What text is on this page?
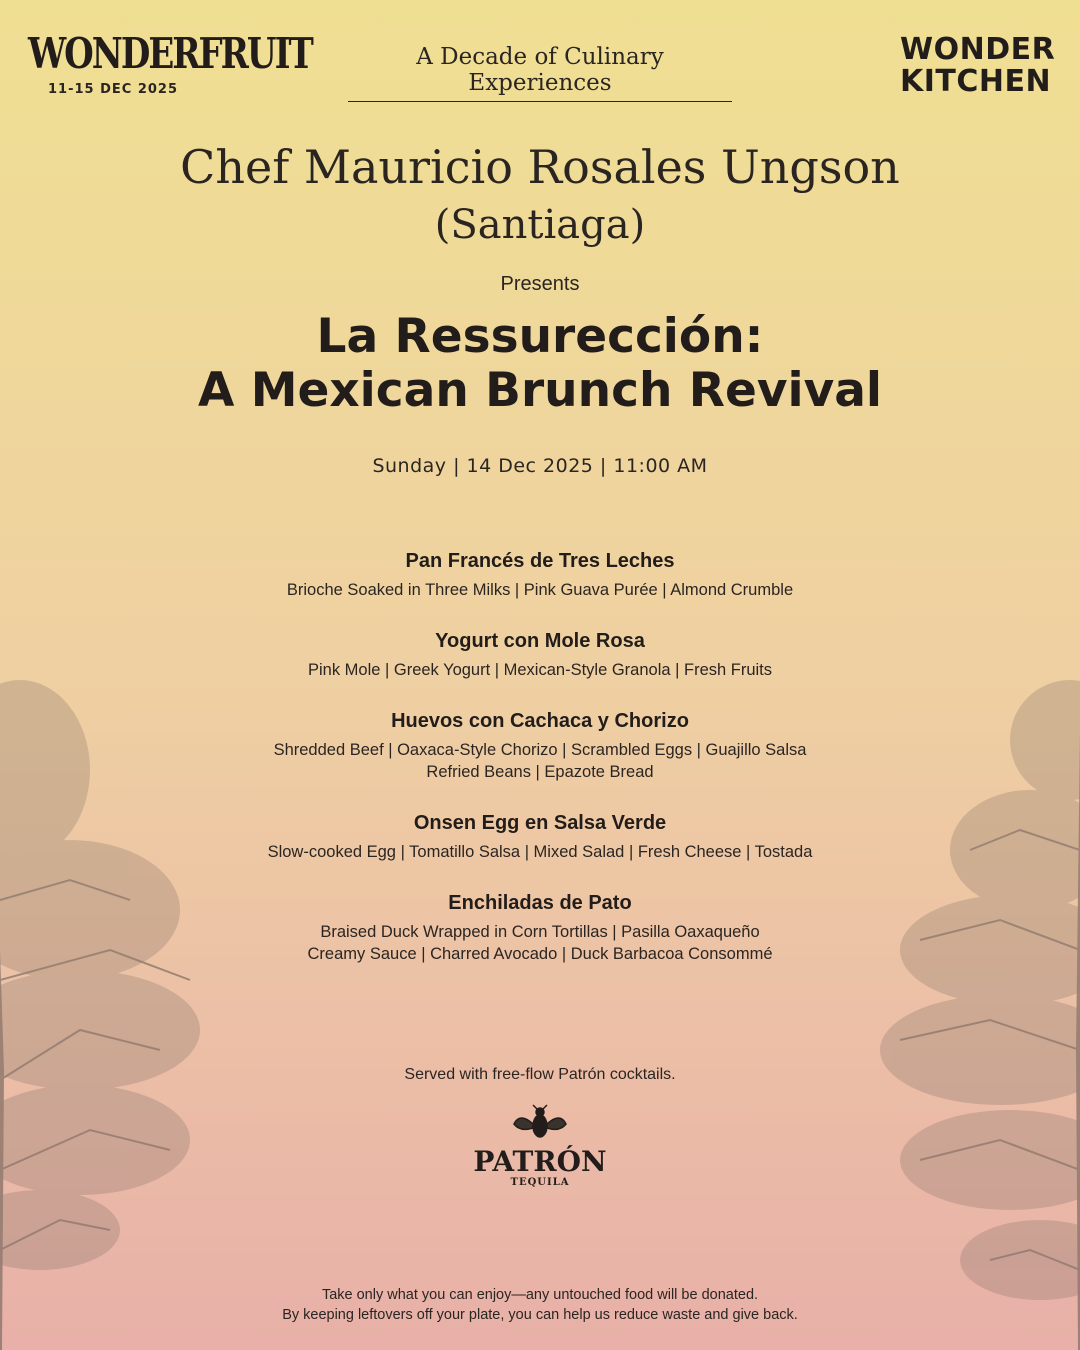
WONDERFRUIT
11-15 DEC 2025
A Decade of Culinary Experiences
WONDER
KITCHEN
Chef Mauricio Rosales Ungson
(Santiaga)
Presents
La Ressurección:
A Mexican Brunch Revival
Sunday | 14 Dec 2025 | 11:00 AM
Pan Francés de Tres Leches
Brioche Soaked in Three Milks | Pink Guava Purée | Almond Crumble
Yogurt con Mole Rosa
Pink Mole | Greek Yogurt | Mexican-Style Granola | Fresh Fruits
Huevos con Cachaca y Chorizo
Shredded Beef | Oaxaca-Style Chorizo | Scrambled Eggs | Guajillo Salsa
Refried Beans | Epazote Bread
Onsen Egg en Salsa Verde
Slow-cooked Egg | Tomatillo Salsa | Mixed Salad | Fresh Cheese | Tostada
Enchiladas de Pato
Braised Duck Wrapped in Corn Tortillas | Pasilla Oaxaqueño
Creamy Sauce | Charred Avocado | Duck Barbacoa Consommé
Served with free-flow Patrón cocktails.
PATRÓN
TEQUILA
Take only what you can enjoy—any untouched food will be donated.
By keeping leftovers off your plate, you can help us reduce waste and give back.
